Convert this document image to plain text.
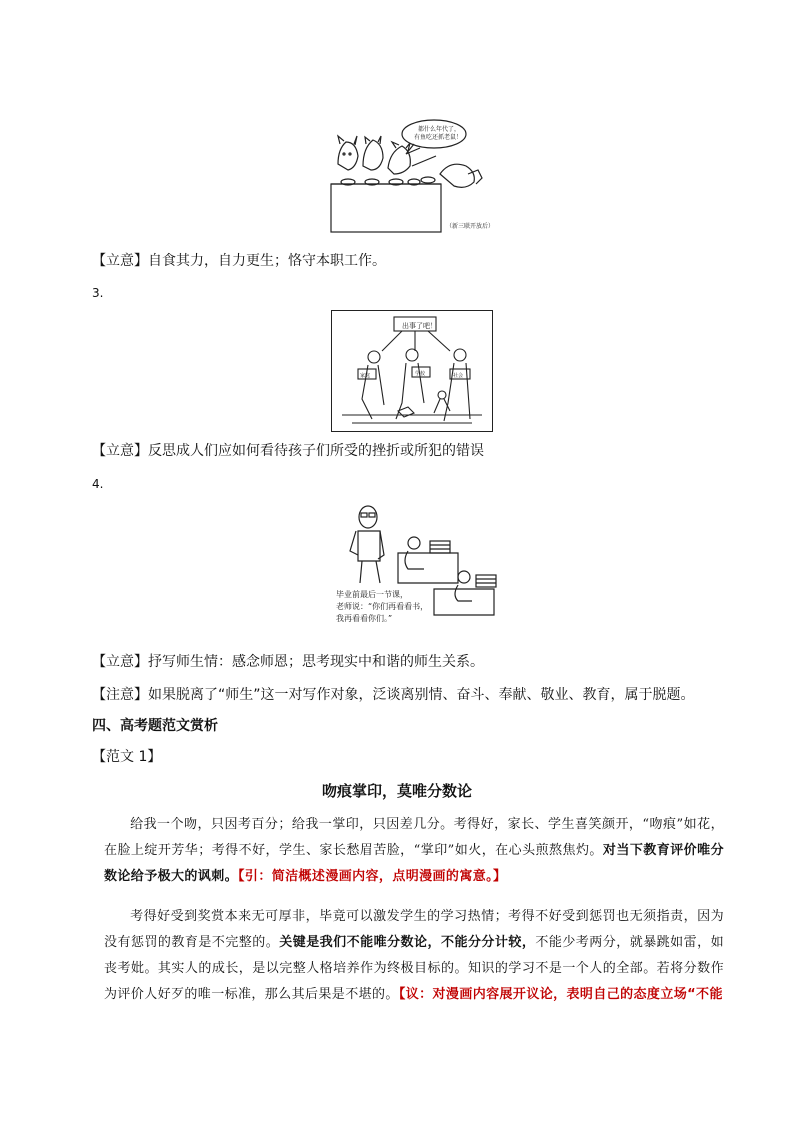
都什么年代了，
有鱼吃还抓老鼠！
（新三联开放后）
【立意】自食其力，自力更生；恪守本职工作。
3.
出事了吧！
家庭	学校	社会
【立意】反思成人们应如何看待孩子们所受的挫折或所犯的错误
4.
毕业前最后一节课，
老师说：“你们再看看书，
我再看看你们。”
【立意】抒写师生情：感念师恩；思考现实中和谐的师生关系。
【注意】如果脱离了“师生”这一对写作对象，泛谈离别情、奋斗、奉献、敬业、教育，属于脱题。
四、高考题范文赏析
【范文 1】
吻痕掌印，莫唯分数论
给我一个吻，只因考百分；给我一掌印，只因差几分。考得好，家长、学生喜笑颜开，“吻痕”如花，在脸上绽开芳华；考得不好，学生、家长愁眉苦脸，“掌印”如火，在心头煎熬焦灼。对当下教育评价唯分数论给予极大的讽刺。【引：简洁概述漫画内容，点明漫画的寓意。】
考得好受到奖赏本来无可厚非，毕竟可以激发学生的学习热情；考得不好受到惩罚也无须指责，因为没有惩罚的教育是不完整的。关键是我们不能唯分数论，不能分分计较，不能少考两分，就暴跳如雷，如丧考妣。其实人的成长，是以完整人格培养作为终极目标的。知识的学习不是一个人的全部。若将分数作为评价人好歹的唯一标准，那么其后果是不堪的。【议：对漫画内容展开议论，表明自己的态度立场“不能
